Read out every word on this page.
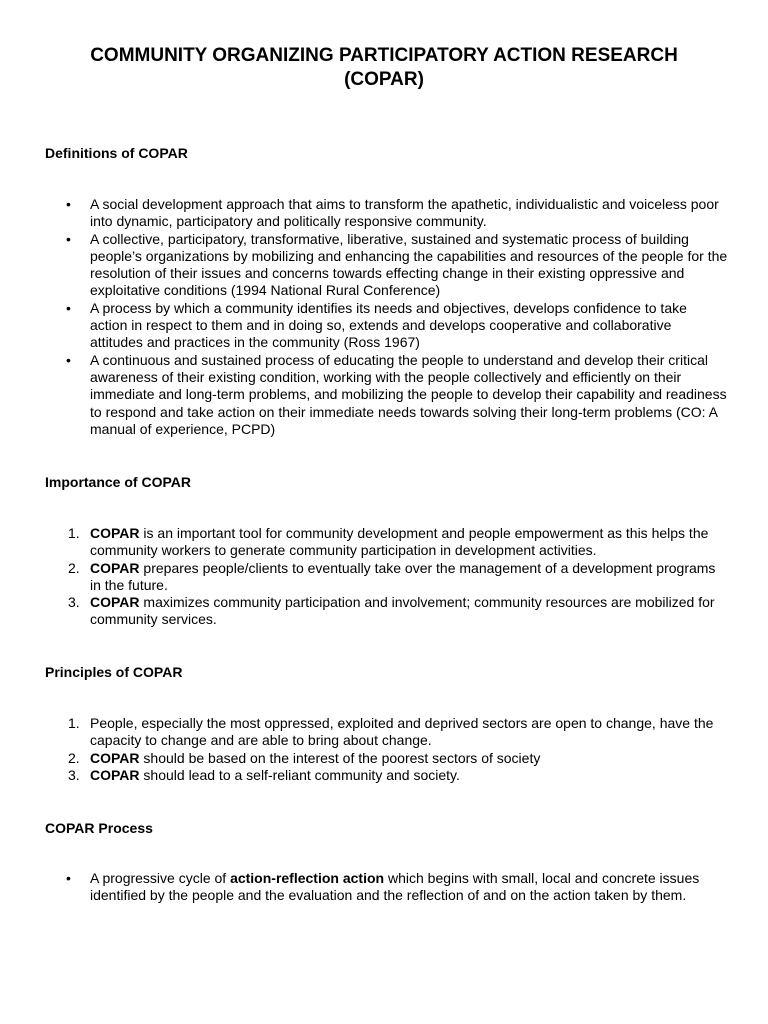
COMMUNITY ORGANIZING PARTICIPATORY ACTION RESEARCH
(COPAR)
Definitions of COPAR
• A social development approach that aims to transform the apathetic, individualistic and voiceless poor into dynamic, participatory and politically responsive community.
• A collective, participatory, transformative, liberative, sustained and systematic process of building people’s organizations by mobilizing and enhancing the capabilities and resources of the people for the resolution of their issues and concerns towards effecting change in their existing oppressive and exploitative conditions (1994 National Rural Conference)
• A process by which a community identifies its needs and objectives, develops confidence to take action in respect to them and in doing so, extends and develops cooperative and collaborative attitudes and practices in the community (Ross 1967)
• A continuous and sustained process of educating the people to understand and develop their critical awareness of their existing condition, working with the people collectively and efficiently on their immediate and long-term problems, and mobilizing the people to develop their capability and readiness to respond and take action on their immediate needs towards solving their long-term problems (CO: A manual of experience, PCPD)
Importance of COPAR
1. COPAR is an important tool for community development and people empowerment as this helps the community workers to generate community participation in development activities.
2. COPAR prepares people/clients to eventually take over the management of a development programs in the future.
3. COPAR maximizes community participation and involvement; community resources are mobilized for community services.
Principles of COPAR
1. People, especially the most oppressed, exploited and deprived sectors are open to change, have the capacity to change and are able to bring about change.
2. COPAR should be based on the interest of the poorest sectors of society
3. COPAR should lead to a self-reliant community and society.
COPAR Process
• A progressive cycle of action-reflection action which begins with small, local and concrete issues identified by the people and the evaluation and the reflection of and on the action taken by them.
